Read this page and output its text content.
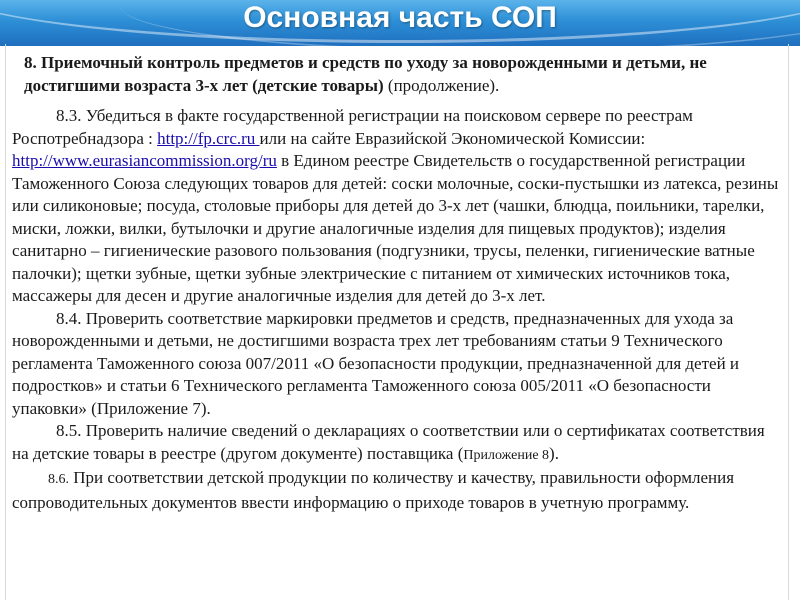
Основная часть СОП

8. Приемочный контроль предметов и средств по уходу за новорожденными и детьми, не достигшими возраста 3-х лет (детские товары) (продолжение).

8.3. Убедиться в факте государственной регистрации на поисковом сервере по реестрам Роспотребнадзора : http://fp.crc.ru или на сайте Евразийской Экономической Комиссии: http://www.eurasiancommission.org/ru в Едином реестре Свидетельств о государственной регистрации Таможенного Союза следующих товаров для детей: соски молочные, соски-пустышки из латекса, резины или силиконовые; посуда, столовые приборы для детей до 3-х лет (чашки, блюдца, поильники, тарелки, миски, ложки, вилки, бутылочки и другие аналогичные изделия для пищевых продуктов); изделия санитарно – гигиенические разового пользования (подгузники, трусы, пеленки, гигиенические ватные палочки); щетки зубные, щетки зубные электрические с питанием от химических источников тока, массажеры для десен и другие аналогичные изделия для детей до 3-х лет.

8.4. Проверить соответствие маркировки предметов и средств, предназначенных для ухода за новорожденными и детьми, не достигшими возраста трех лет требованиям статьи 9 Технического регламента Таможенного союза 007/2011 «О безопасности продукции, предназначенной для детей и подростков» и статьи 6 Технического регламента Таможенного союза 005/2011 «О безопасности упаковки» (Приложение 7).

8.5. Проверить наличие сведений о декларациях о соответствии или о сертификатах соответствия на детские товары в реестре (другом документе) поставщика (Приложение 8).

8.6. При соответствии детской продукции по количеству и качеству, правильности оформления сопроводительных документов ввести информацию о приходе товаров в учетную программу.
